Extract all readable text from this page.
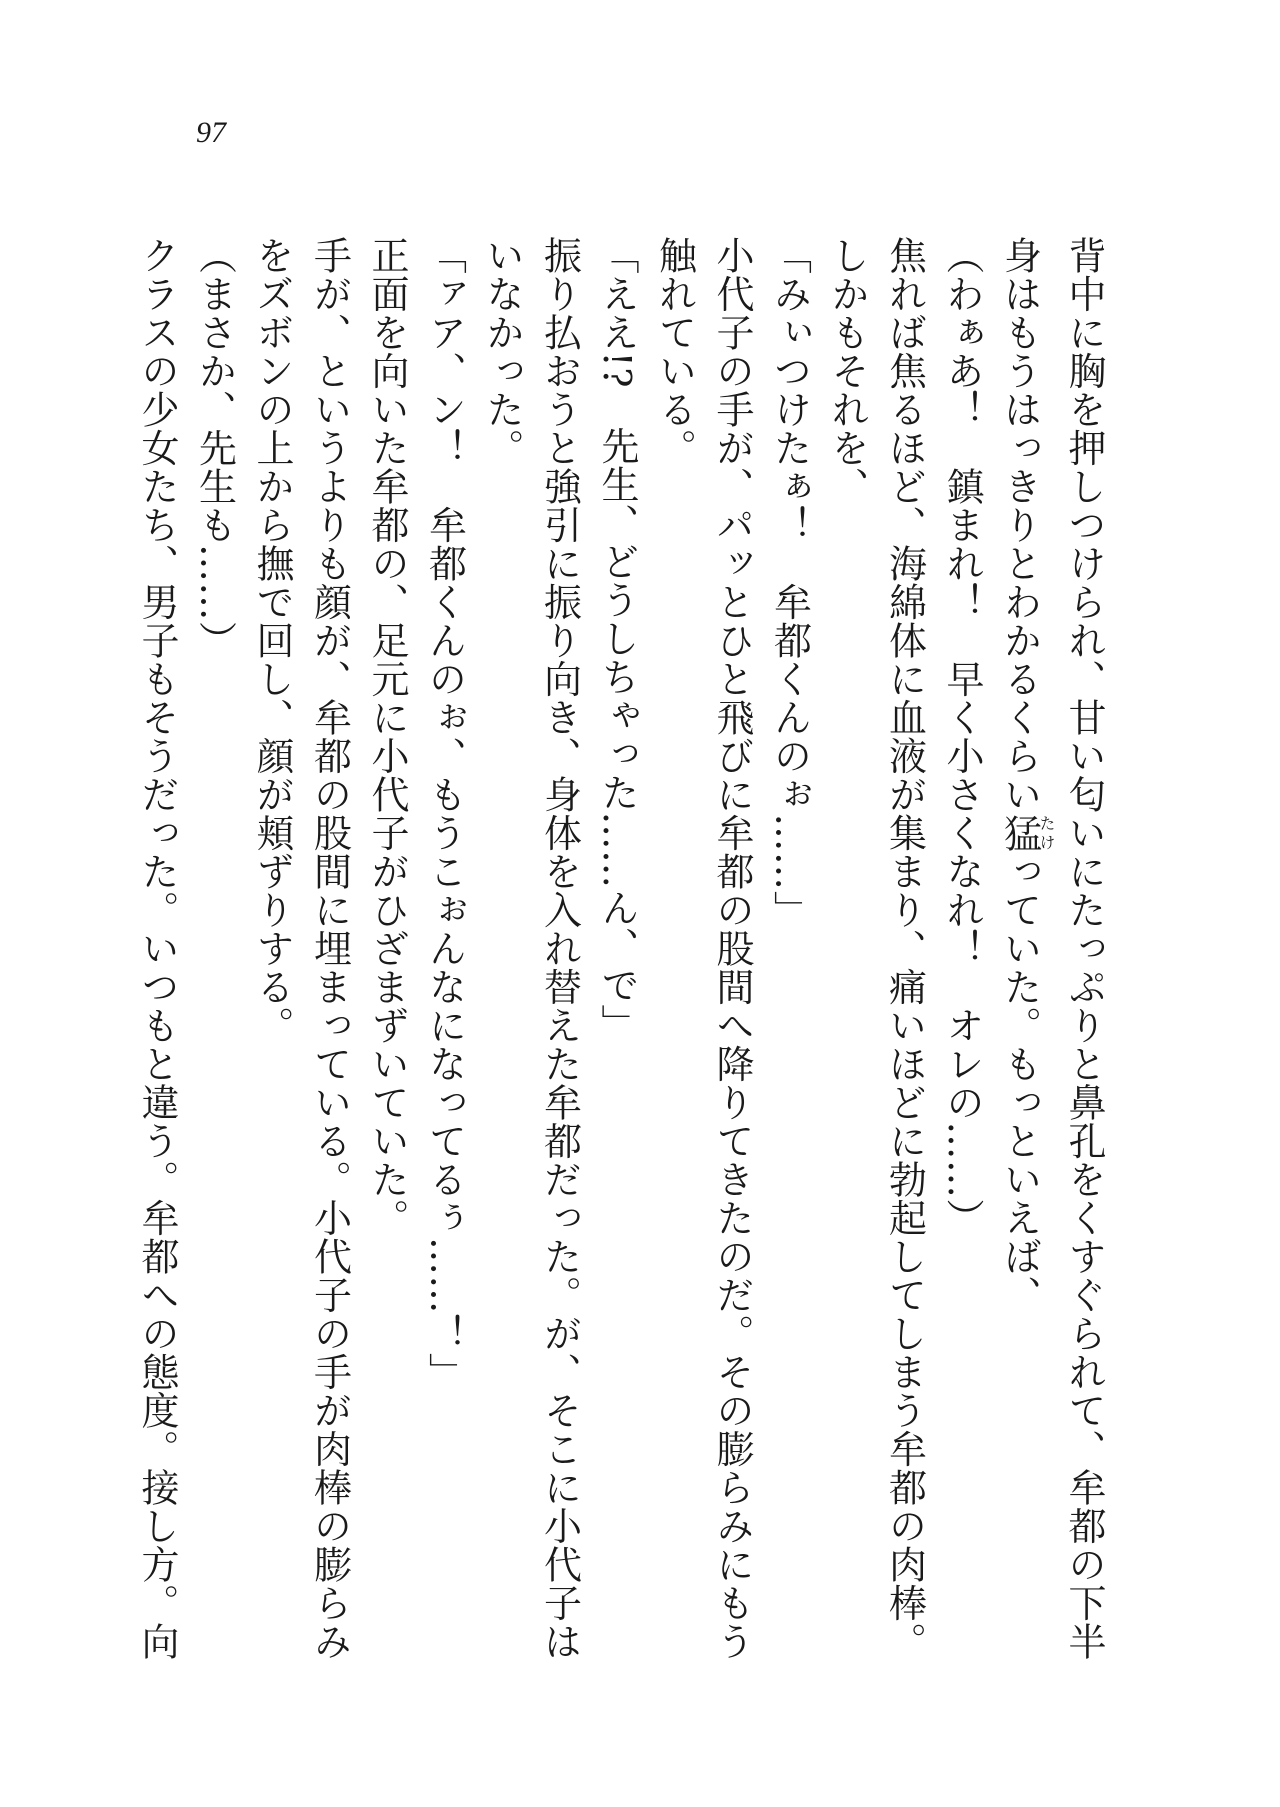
97

背中に胸を押しつけられ、甘い匂いにたっぷりと鼻孔をくすぐられて、牟都の下半

身はもうはっきりとわかるくらい猛たけっていた。もっといえば、

（わぁあ！　鎮まれ！　早く小さくなれ！　オレの……）

焦れば焦るほど、海綿体に血液が集まり、痛いほどに勃起してしまう牟都の肉棒。

しかもそれを、

「みぃつけたぁ！　牟都くんのぉ……」

小代子の手が、パッとひと飛びに牟都の股間へ降りてきたのだ。その膨らみにもう

触れている。

「ええ!?　先生、どうしちゃった……ん、で」

振り払おうと強引に振り向き、身体を入れ替えた牟都だった。が、そこに小代子は

いなかった。

「ァア、ン！　牟都くんのぉ、もうこぉんなになってるぅ……！」

正面を向いた牟都の、足元に小代子がひざまずいていた。

手が、というよりも顔が、牟都の股間に埋まっている。小代子の手が肉棒の膨らみ

をズボンの上から撫で回し、顔が頬ずりする。

（まさか、先生も……）

クラスの少女たち、男子もそうだった。いつもと違う。牟都への態度。接し方。向
